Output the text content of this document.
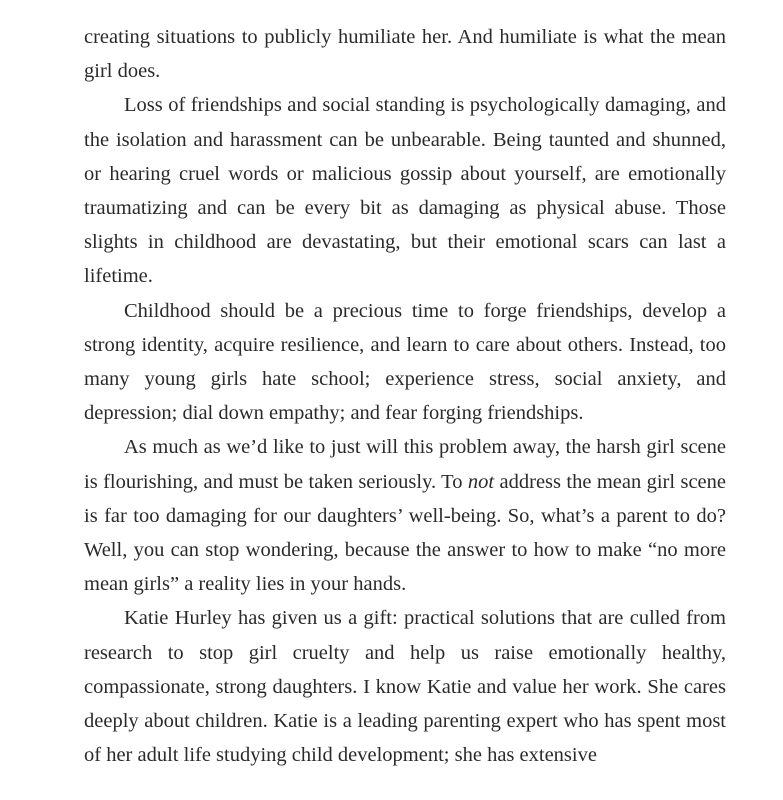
creating situations to publicly humiliate her. And humiliate is what the mean girl does.

Loss of friendships and social standing is psychologically damaging, and the isolation and harassment can be unbearable. Being taunted and shunned, or hearing cruel words or malicious gossip about yourself, are emotionally traumatizing and can be every bit as damaging as physical abuse. Those slights in childhood are devastating, but their emotional scars can last a lifetime.

Childhood should be a precious time to forge friendships, develop a strong identity, acquire resilience, and learn to care about others. Instead, too many young girls hate school; experience stress, social anxiety, and depression; dial down empathy; and fear forging friendships.

As much as we’d like to just will this problem away, the harsh girl scene is flourishing, and must be taken seriously. To not address the mean girl scene is far too damaging for our daughters’ well-being. So, what’s a parent to do? Well, you can stop wondering, because the answer to how to make “no more mean girls” a reality lies in your hands.

Katie Hurley has given us a gift: practical solutions that are culled from research to stop girl cruelty and help us raise emotionally healthy, compassionate, strong daughters. I know Katie and value her work. She cares deeply about children. Katie is a leading parenting expert who has spent most of her adult life studying child development; she has extensive
